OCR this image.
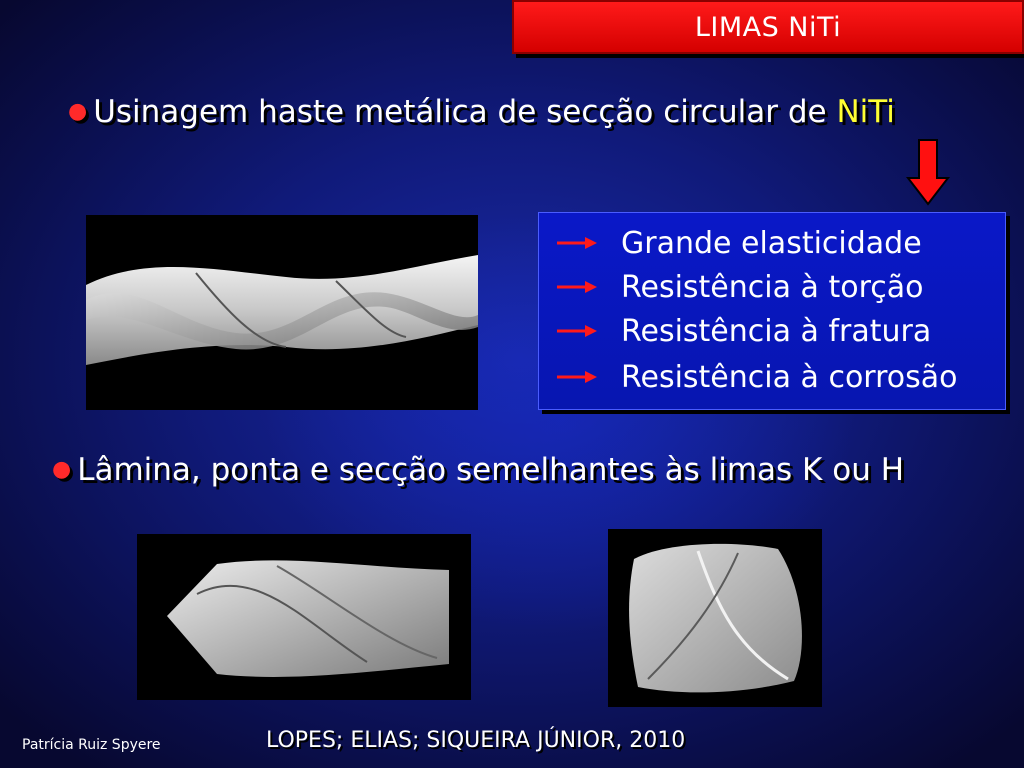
LIMAS NiTi
● Usinagem haste metálica de secção circular de NiTi
Grande elasticidade
Resistência à torção
Resistência à fratura
Resistência à corrosão
● Lâmina, ponta e secção semelhantes às limas K ou H
Patrícia Ruiz Spyere	LOPES; ELIAS; SIQUEIRA JÚNIOR, 2010
